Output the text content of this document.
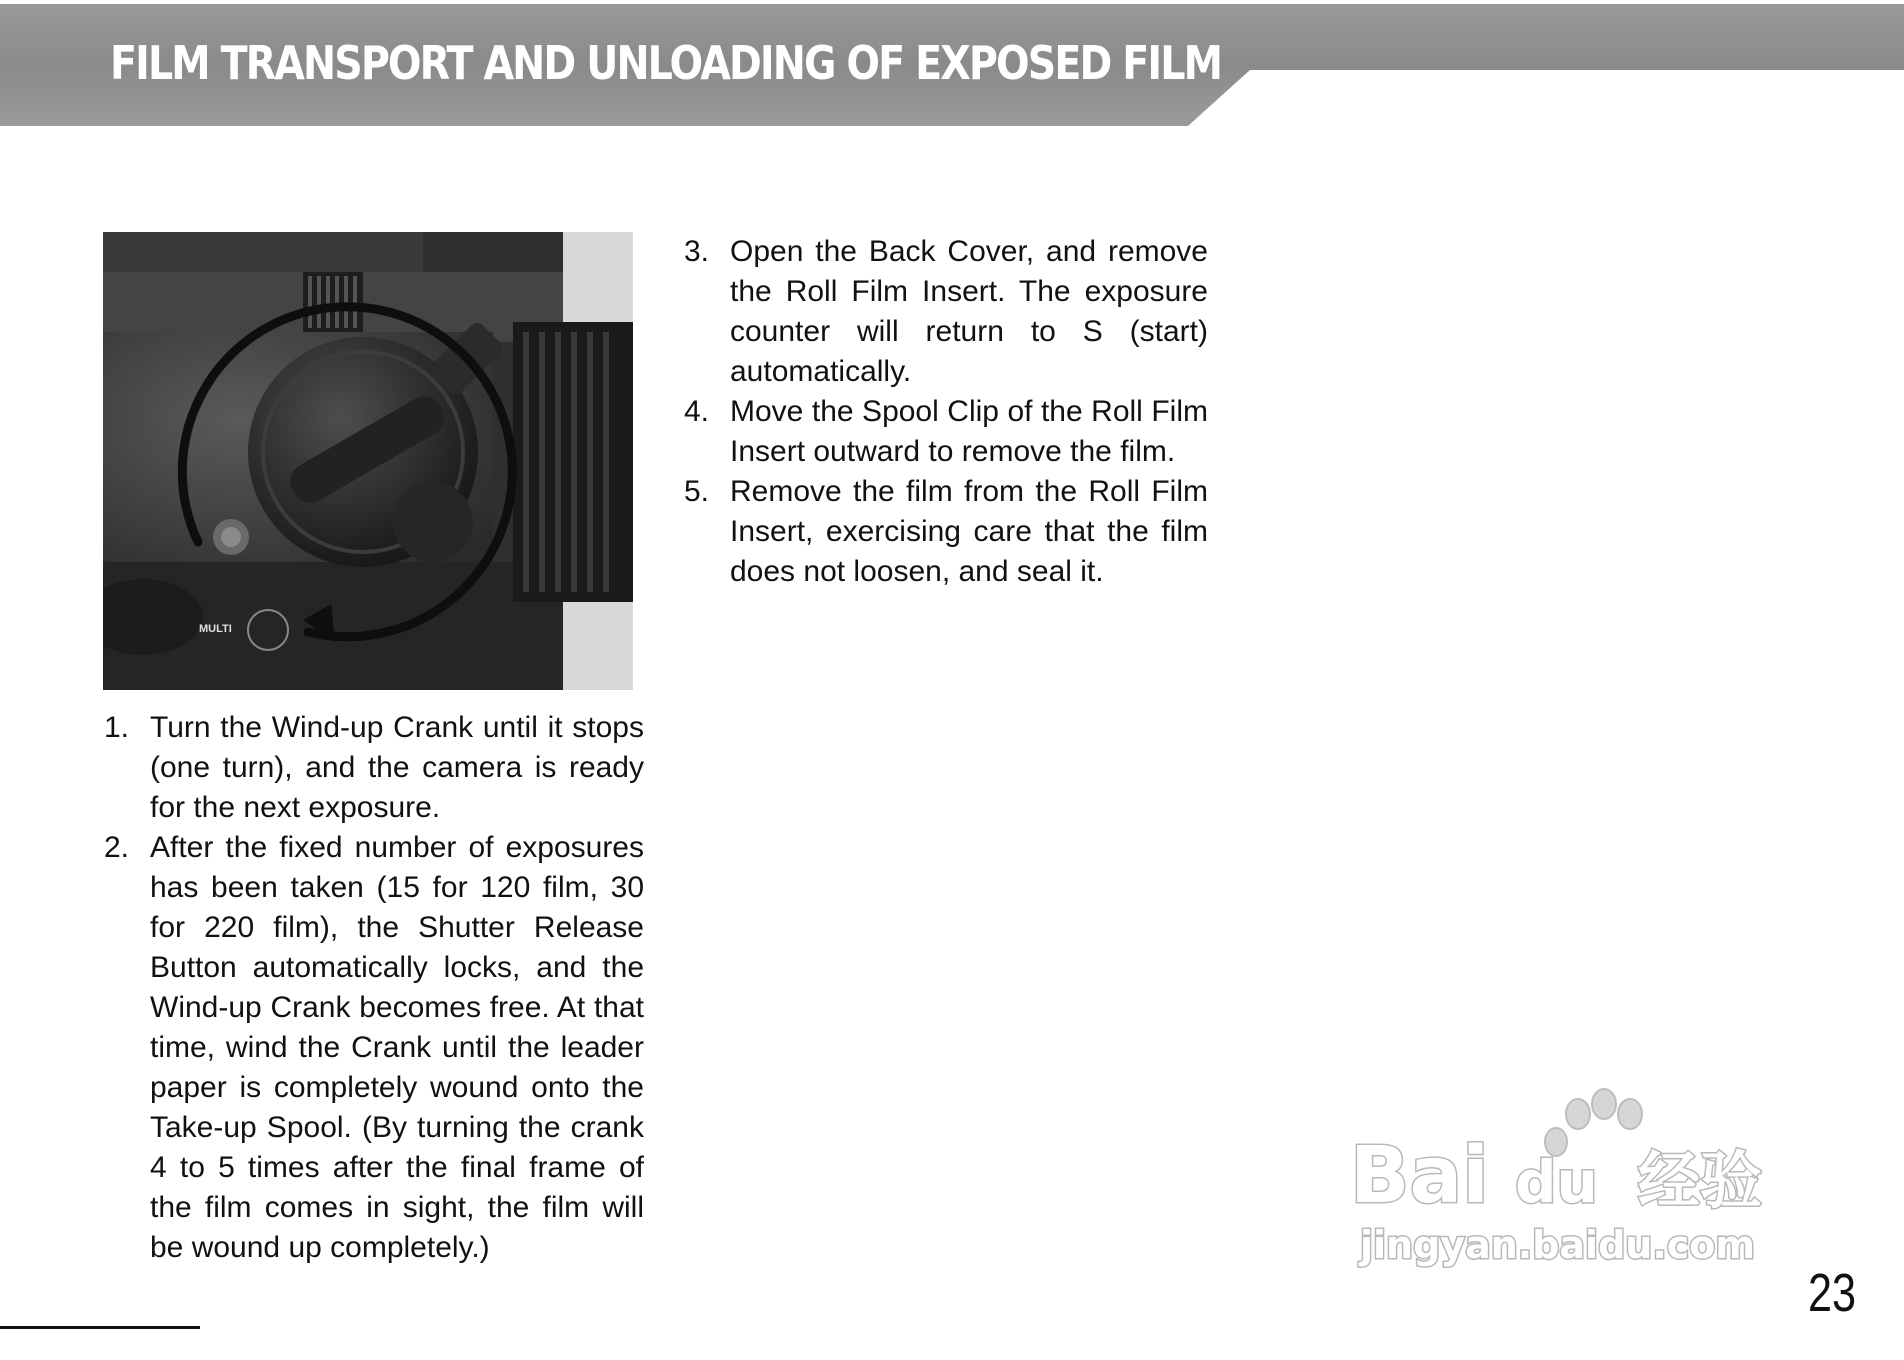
FILM TRANSPORT AND UNLOADING OF EXPOSED FILM
MULTI
1. Turn the Wind-up Crank until it stops (one turn), and the camera is ready for the next exposure.
2. After the fixed number of exposures has been taken (15 for 120 film, 30 for 220 film), the Shutter Release Button automatically locks, and the Wind-up Crank becomes free. At that time, wind the Crank until the leader paper is completely wound onto the Take-up Spool. (By turning the crank 4 to 5 times after the final frame of the film comes in sight, the film will be wound up completely.)
3. Open the Back Cover, and remove the Roll Film Insert. The exposure counter will return to S (start) automatically.
4. Move the Spool Clip of the Roll Film Insert outward to remove the film.
5. Remove the film from the Roll Film Insert, exercising care that the film does not loosen, and seal it.
Bai du 经验
jingyan.baidu.com
23
